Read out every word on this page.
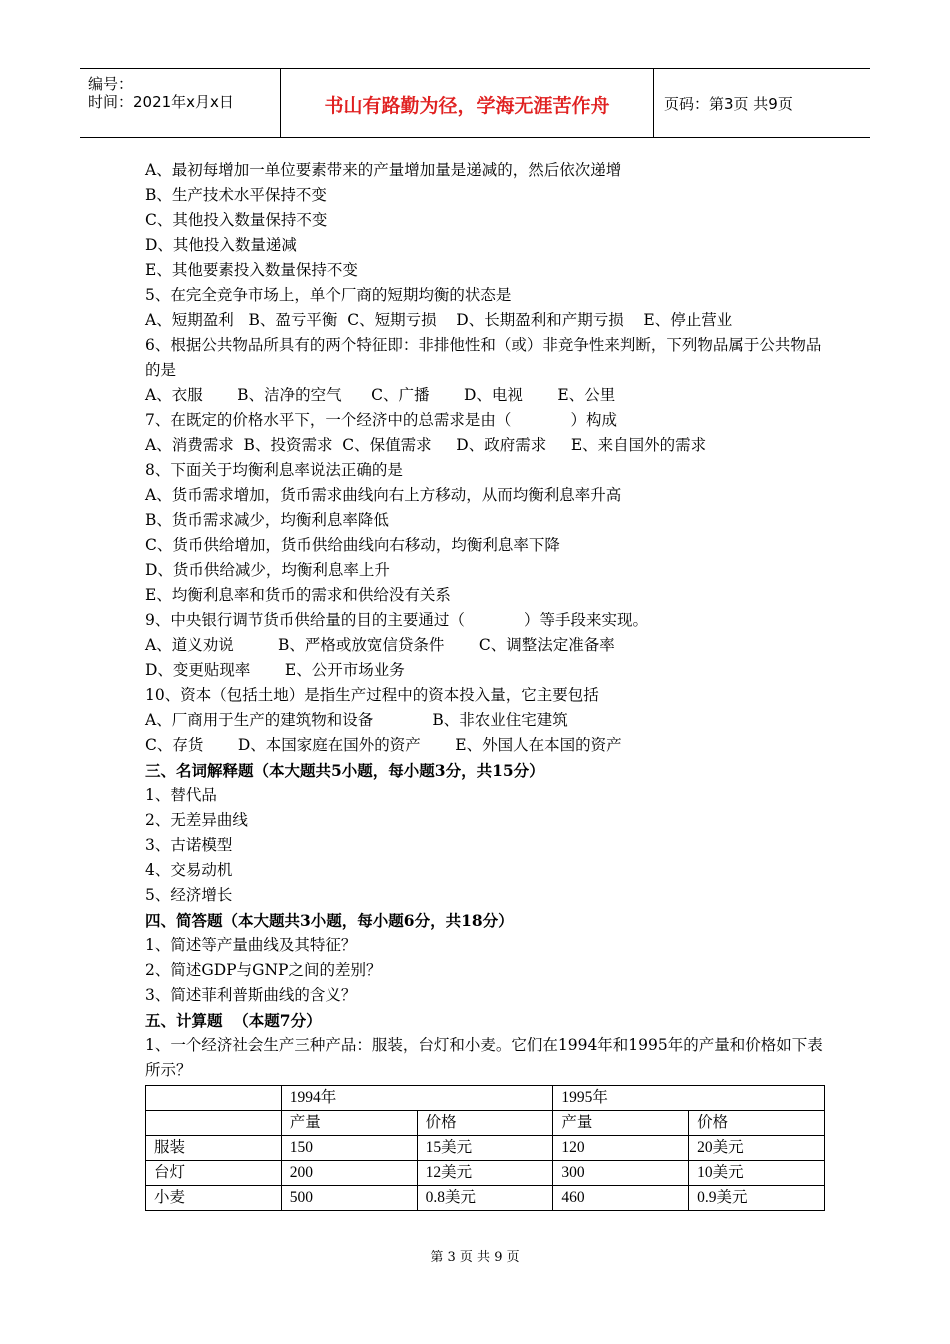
编号：
时间：2021年x月x日	书山有路勤为径，学海无涯苦作舟	页码：第3页 共9页
A、最初每增加一单位要素带来的产量增加量是递减的，然后依次递增
B、生产技术水平保持不变
C、其他投入数量保持不变
D、其他投入数量递减
E、其他要素投入数量保持不变
5、在完全竞争市场上，单个厂商的短期均衡的状态是
A、短期盈利   B、盈亏平衡  C、短期亏损    D、长期盈利和产期亏损    E、停止营业
6、根据公共物品所具有的两个特征即：非排他性和（或）非竞争性来判断，下列物品属于公共物品的是
A、衣服       B、洁净的空气      C、广播       D、电视       E、公里
7、在既定的价格水平下，一个经济中的总需求是由（            ）构成
A、消费需求  B、投资需求  C、保值需求     D、政府需求     E、来自国外的需求
8、下面关于均衡利息率说法正确的是
A、货币需求增加，货币需求曲线向右上方移动，从而均衡利息率升高
B、货币需求减少，均衡利息率降低
C、货币供给增加，货币供给曲线向右移动，均衡利息率下降
D、货币供给减少，均衡利息率上升
E、均衡利息率和货币的需求和供给没有关系
9、中央银行调节货币供给量的目的主要通过（            ）等手段来实现。
A、道义劝说         B、严格或放宽信贷条件       C、调整法定准备率
D、变更贴现率       E、公开市场业务
10、资本（包括土地）是指生产过程中的资本投入量，它主要包括
A、厂商用于生产的建筑物和设备            B、非农业住宅建筑
C、存货       D、本国家庭在国外的资产       E、外国人在本国的资产
三、名词解释题（本大题共5小题，每小题3分，共15分）
1、替代品
2、无差异曲线
3、古诺模型
4、交易动机
5、经济增长
四、简答题（本大题共3小题，每小题6分，共18分）
1、简述等产量曲线及其特征？
2、简述GDP与GNP之间的差别？
3、简述菲利普斯曲线的含义？
五、计算题  （本题7分）
1、一个经济社会生产三种产品：服装，台灯和小麦。它们在1994年和1995年的产量和价格如下表所示？
	1994年		1995年	
	产量	价格	产量	价格
服装	150	15美元	120	20美元
台灯	200	12美元	300	10美元
小麦	500	0.8美元	460	0.9美元
第 3 页 共 9 页
